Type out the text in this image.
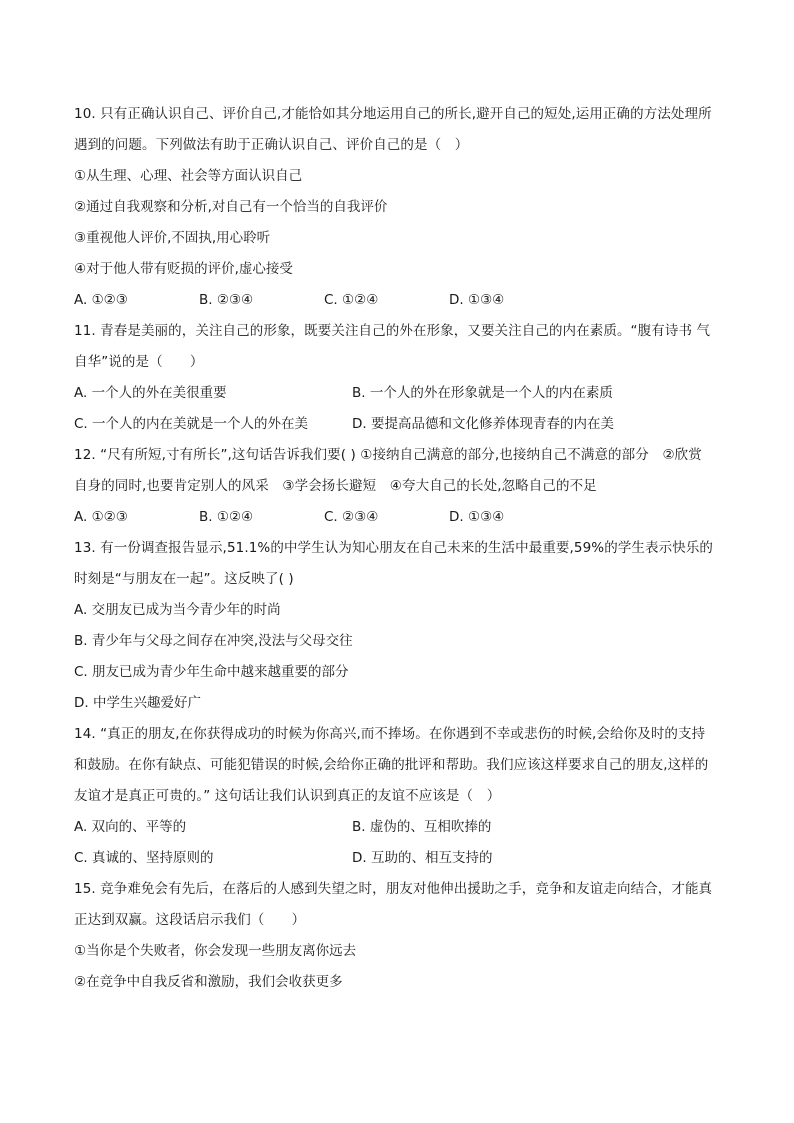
10. 只有正确认识自己、评价自己,才能恰如其分地运用自己的所长,避开自己的短处,运用正确的方法处理所
遇到的问题。下列做法有助于正确认识自己、评价自己的是（　）
①从生理、心理、社会等方面认识自己
②通过自我观察和分析,对自己有一个恰当的自我评价
③重视他人评价,不固执,用心聆听
④对于他人带有贬损的评价,虚心接受
A. ①②③	B. ②③④	C. ①②④	D. ①③④
11. 青春是美丽的，关注自己的形象，既要关注自己的外在形象，又要关注自己的内在素质。“腹有诗书 气
自华”说的是（　　）
A. 一个人的外在美很重要	B. 一个人的外在形象就是一个人的内在素质
C. 一个人的内在美就是一个人的外在美	D. 要提高品德和文化修养体现青春的内在美
12. “尺有所短,寸有所长”,这句话告诉我们要( ) ①接纳自己满意的部分,也接纳自己不满意的部分　②欣赏
自身的同时,也要肯定别人的风采　③学会扬长避短　④夸大自己的长处,忽略自己的不足
A. ①②③	B. ①②④	C. ②③④	D. ①③④
13. 有一份调查报告显示,51.1%的中学生认为知心朋友在自己未来的生活中最重要,59%的学生表示快乐的
时刻是“与朋友在一起”。这反映了( )
A. 交朋友已成为当今青少年的时尚
B. 青少年与父母之间存在冲突,没法与父母交往
C. 朋友已成为青少年生命中越来越重要的部分
D. 中学生兴趣爱好广
14. “真正的朋友,在你获得成功的时候为你高兴,而不捧场。在你遇到不幸或悲伤的时候,会给你及时的支持
和鼓励。在你有缺点、可能犯错误的时候,会给你正确的批评和帮助。我们应该这样要求自己的朋友,这样的
友谊才是真正可贵的。” 这句话让我们认识到真正的友谊不应该是（　）
A. 双向的、平等的	B. 虚伪的、互相吹捧的
C. 真诚的、坚持原则的	D. 互助的、相互支持的
15. 竞争难免会有先后，在落后的人感到失望之时，朋友对他伸出援助之手，竞争和友谊走向结合，才能真
正达到双赢。这段话启示我们（　　）
①当你是个失败者，你会发现一些朋友离你远去
②在竞争中自我反省和激励，我们会收获更多
